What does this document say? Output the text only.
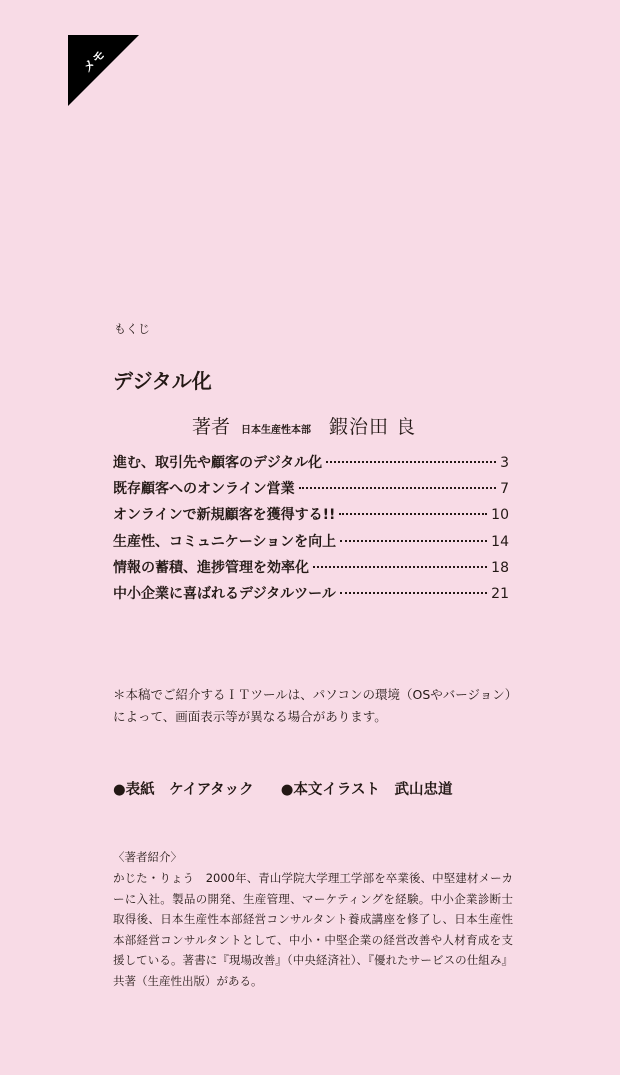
メモ
もくじ
デジタル化
著者 日本生産性本部 鍜治田 良
進む、取引先や顧客のデジタル化	3
既存顧客へのオンライン営業	7
オンラインで新規顧客を獲得する!!	10
生産性、コミュニケーションを向上	14
情報の蓄積、進捗管理を効率化	18
中小企業に喜ばれるデジタルツール	21

＊本稿でご紹介するＩＴツールは、パソコンの環境（OSやバージョン）によって、画面表示等が異なる場合があります。

●表紙　ケイアタック ●本文イラスト　武山忠道
〈著者紹介〉

かじた・りょう　2000年、青山学院大学理工学部を卒業後、中堅建材メーカーに入社。製品の開発、生産管理、マーケティングを経験。中小企業診断士取得後、日本生産性本部経営コンサルタント養成講座を修了し、日本生産性本部経営コンサルタントとして、中小・中堅企業の経営改善や人材育成を支援している。著書に『現場改善』（中央経済社）、『優れたサービスの仕組み』共著（生産性出版）がある。
